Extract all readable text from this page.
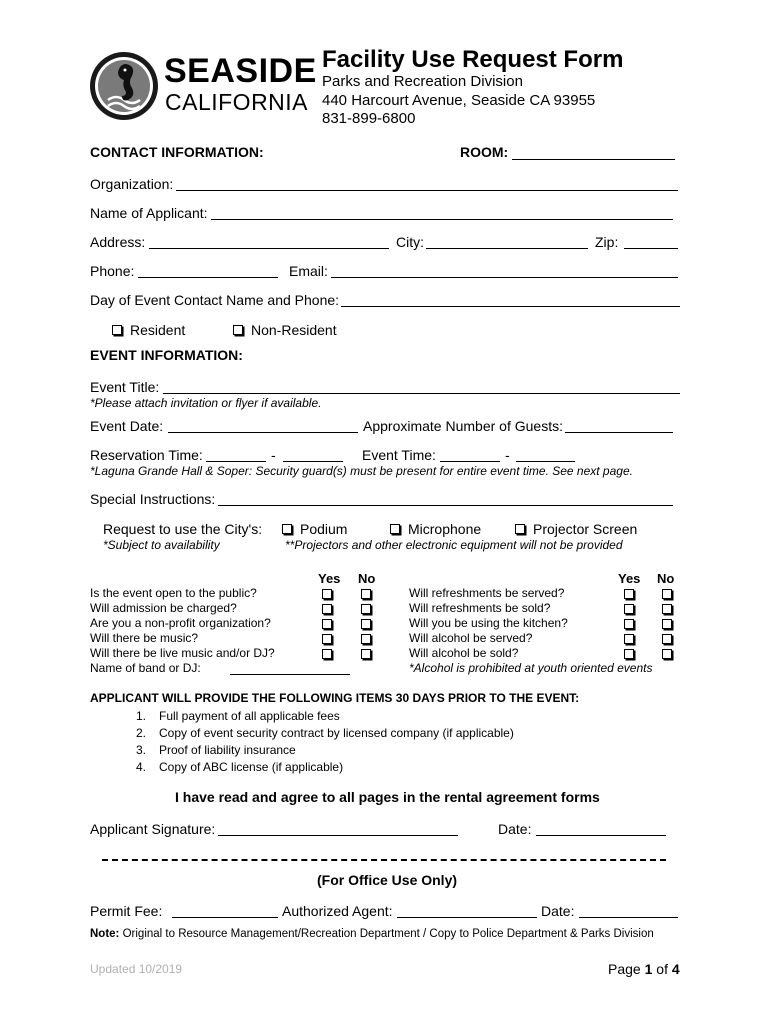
SEASIDE
CALIFORNIA
Facility Use Request Form
Parks and Recreation Division
440 Harcourt Avenue, Seaside CA 93955
831-899-6800
CONTACT INFORMATION:	ROOM:
Organization:
Name of Applicant:
Address:	City:	Zip:
Phone:	Email:
Day of Event Contact Name and Phone:
Resident	Non-Resident
EVENT INFORMATION:
Event Title:
*Please attach invitation or flyer if available.
Event Date:	Approximate Number of Guests:
Reservation Time:	-	Event Time:	-
*Laguna Grande Hall & Soper: Security guard(s) must be present for entire event time. See next page.
Special Instructions:
Request to use the City's:	Podium	Microphone	Projector Screen
*Subject to availability	**Projectors and other electronic equipment will not be provided
Yes No	Yes No
Is the event open to the public?
Will admission be charged?
Are you a non-profit organization?
Will there be music?
Will there be live music and/or DJ?
Name of band or DJ:
Will refreshments be served?
Will refreshments be sold?
Will you be using the kitchen?
Will alcohol be served?
Will alcohol be sold?
*Alcohol is prohibited at youth oriented events
APPLICANT WILL PROVIDE THE FOLLOWING ITEMS 30 DAYS PRIOR TO THE EVENT:
1. Full payment of all applicable fees
2. Copy of event security contract by licensed company (if applicable)
3. Proof of liability insurance
4. Copy of ABC license (if applicable)
I have read and agree to all pages in the rental agreement forms
Applicant Signature:	Date:
(For Office Use Only)
Permit Fee:	Authorized Agent:	Date:
Note: Original to Resource Management/Recreation Department / Copy to Police Department & Parks Division
Updated 10/2019	Page 1 of 4
